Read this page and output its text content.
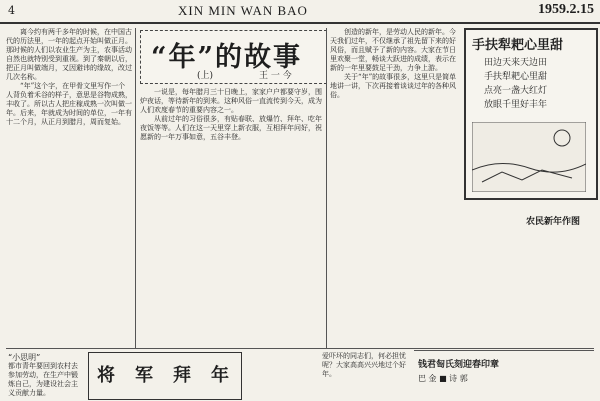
4	XIN MIN WAN BAO	1959.2.15

离今约有两千多年的时候，在中国古代的历法里，一年的起点开始叫做正月。那时候的人们以农业生产为主，农事活动自然也就特别受到重视。到了秦朝以后，把正月叫做端月，又因避讳的缘故，改过几次名称。

“年”这个字，在甲骨文里写作一个人背负着禾谷的样子，意思是谷物成熟，丰收了。所以古人把庄稼成熟一次叫做一年。后来，年就成为时间的单位，一年有十二个月，从正月到腊月，周而复始。

“年”的故事
(上)	王 一 今

一说是，每年腊月三十日晚上，家家户户都要守岁，围炉夜话，等待新年的到来。这种风俗一直流传到今天，成为人们欢度春节的重要内容之一。

从前过年的习俗很多，有贴春联、放爆竹、拜年、吃年夜饭等等。人们在这一天里穿上新衣服，互相拜年问好，祝愿新的一年万事如意，五谷丰登。

创造的新年，是劳动人民的新年。今天我们过年，不仅继承了祖先留下来的好风俗，而且赋予了新的内容。大家在节日里欢聚一堂，畅谈大跃进的成绩，表示在新的一年里要鼓足干劲，力争上游。

关于“年”的故事很多，这里只是简单地讲一讲，下次再接着谈谈过年的各种风俗。

手扶犁耙心里甜
田边天来天边田
手扶犁耙心里甜
点亮一盏大红灯
放眼千里好丰年
农民新年作图
“小思明”
都市青年要回到农村去参加劳动，在生产中锻炼自己，为建设社会主义贡献力量。
将 军 拜 年
爱吓坏的同志们，何必担忧呢？大家高高兴兴地过个好年。
钱君匋氏刻迎春印章
巴 金 ■ 诗 郭
